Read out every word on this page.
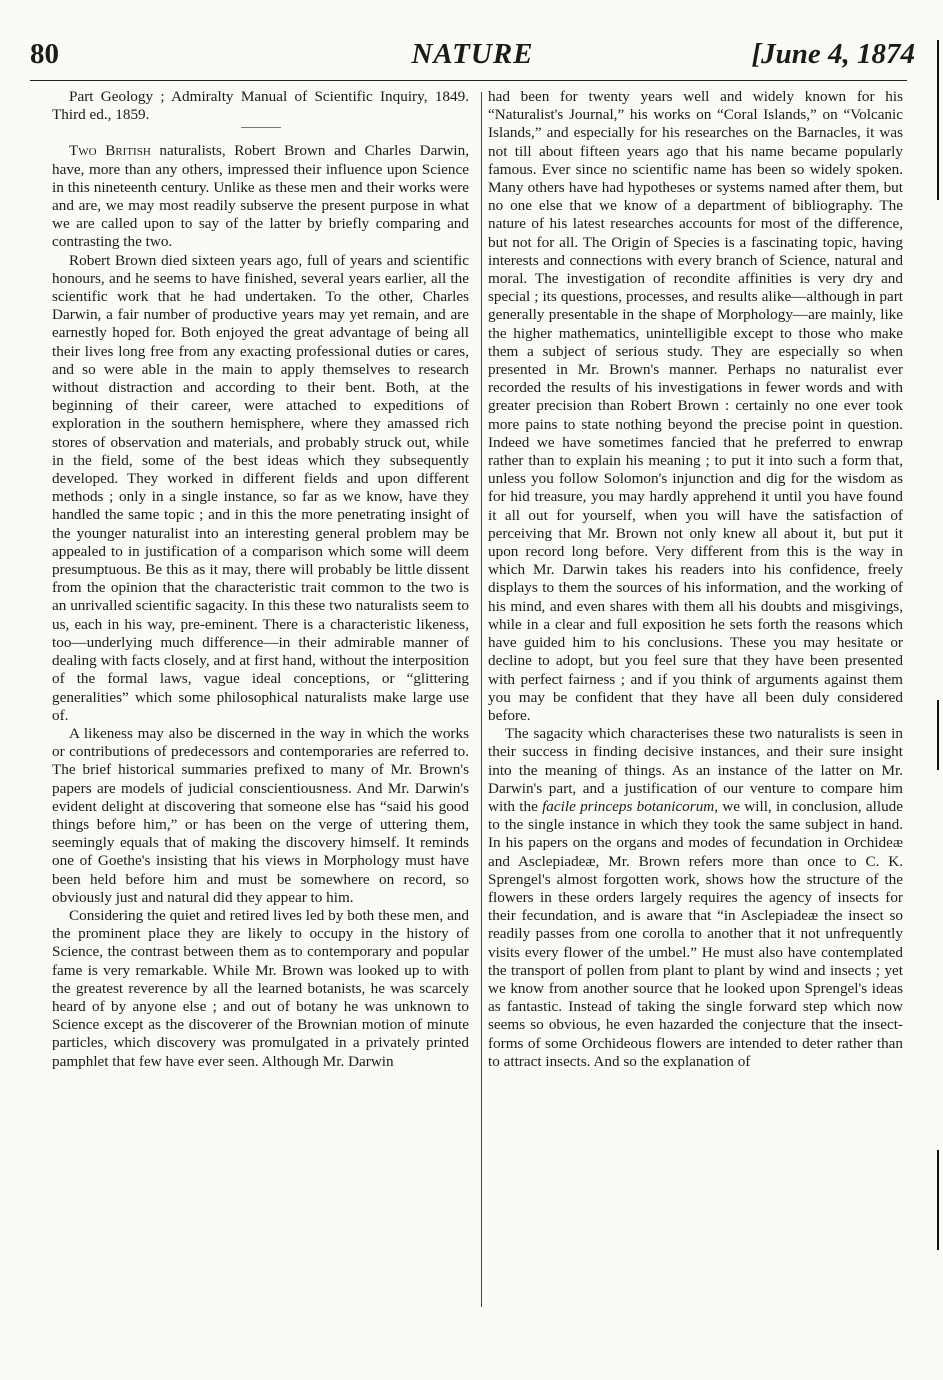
80	NATURE	[June 4, 1874

Part Geology ; Admiralty Manual of Scientific Inquiry, 1849. Third ed., 1859.

Two British naturalists, Robert Brown and Charles Darwin, have, more than any others, impressed their influence upon Science in this nineteenth century. Unlike as these men and their works were and are, we may most readily subserve the present purpose in what we are called upon to say of the latter by briefly comparing and contrasting the two.

Robert Brown died sixteen years ago, full of years and scientific honours, and he seems to have finished, several years earlier, all the scientific work that he had undertaken. To the other, Charles Darwin, a fair number of productive years may yet remain, and are earnestly hoped for. Both enjoyed the great advantage of being all their lives long free from any exacting professional duties or cares, and so were able in the main to apply themselves to research without distraction and according to their bent. Both, at the beginning of their career, were attached to expeditions of exploration in the southern hemisphere, where they amassed rich stores of observation and materials, and probably struck out, while in the field, some of the best ideas which they subsequently developed. They worked in different fields and upon different methods ; only in a single instance, so far as we know, have they handled the same topic ; and in this the more penetrating insight of the younger naturalist into an interesting general problem may be appealed to in justification of a comparison which some will deem presumptuous. Be this as it may, there will probably be little dissent from the opinion that the characteristic trait common to the two is an unrivalled scientific sagacity. In this these two naturalists seem to us, each in his way, pre-eminent. There is a characteristic likeness, too—underlying much difference—in their admirable manner of dealing with facts closely, and at first hand, without the interposition of the formal laws, vague ideal conceptions, or “glittering generalities” which some philosophical naturalists make large use of.

A likeness may also be discerned in the way in which the works or contributions of predecessors and contemporaries are referred to. The brief historical summaries prefixed to many of Mr. Brown's papers are models of judicial conscientiousness. And Mr. Darwin's evident delight at discovering that someone else has “said his good things before him,” or has been on the verge of uttering them, seemingly equals that of making the discovery himself. It reminds one of Goethe's insisting that his views in Morphology must have been held before him and must be somewhere on record, so obviously just and natural did they appear to him.

Considering the quiet and retired lives led by both these men, and the prominent place they are likely to occupy in the history of Science, the contrast between them as to contemporary and popular fame is very remarkable. While Mr. Brown was looked up to with the greatest reverence by all the learned botanists, he was scarcely heard of by anyone else ; and out of botany he was unknown to Science except as the discoverer of the Brownian motion of minute particles, which discovery was promulgated in a privately printed pamphlet that few have ever seen. Although Mr. Darwin

had been for twenty years well and widely known for his “Naturalist's Journal,” his works on “Coral Islands,” on “Volcanic Islands,” and especially for his researches on the Barnacles, it was not till about fifteen years ago that his name became popularly famous. Ever since no scientific name has been so widely spoken. Many others have had hypotheses or systems named after them, but no one else that we know of a department of bibliography. The nature of his latest researches accounts for most of the difference, but not for all. The Origin of Species is a fascinating topic, having interests and connections with every branch of Science, natural and moral. The investigation of recondite affinities is very dry and special ; its questions, processes, and results alike—although in part generally presentable in the shape of Morphology—are mainly, like the higher mathematics, unintelligible except to those who make them a subject of serious study. They are especially so when presented in Mr. Brown's manner. Perhaps no naturalist ever recorded the results of his investigations in fewer words and with greater precision than Robert Brown : certainly no one ever took more pains to state nothing beyond the precise point in question. Indeed we have sometimes fancied that he preferred to enwrap rather than to explain his meaning ; to put it into such a form that, unless you follow Solomon's injunction and dig for the wisdom as for hid treasure, you may hardly apprehend it until you have found it all out for yourself, when you will have the satisfaction of perceiving that Mr. Brown not only knew all about it, but put it upon record long before. Very different from this is the way in which Mr. Darwin takes his readers into his confidence, freely displays to them the sources of his information, and the working of his mind, and even shares with them all his doubts and misgivings, while in a clear and full exposition he sets forth the reasons which have guided him to his conclusions. These you may hesitate or decline to adopt, but you feel sure that they have been presented with perfect fairness ; and if you think of arguments against them you may be confident that they have all been duly considered before.

The sagacity which characterises these two naturalists is seen in their success in finding decisive instances, and their sure insight into the meaning of things. As an instance of the latter on Mr. Darwin's part, and a justification of our venture to compare him with the facile princeps botanicorum, we will, in conclusion, allude to the single instance in which they took the same subject in hand. In his papers on the organs and modes of fecundation in Orchideæ and Asclepiadeæ, Mr. Brown refers more than once to C. K. Sprengel's almost forgotten work, shows how the structure of the flowers in these orders largely requires the agency of insects for their fecundation, and is aware that “in Asclepiadeæ the insect so readily passes from one corolla to another that it not unfrequently visits every flower of the umbel.” He must also have contemplated the transport of pollen from plant to plant by wind and insects ; yet we know from another source that he looked upon Sprengel's ideas as fantastic. Instead of taking the single forward step which now seems so obvious, he even hazarded the conjecture that the insect-forms of some Orchideous flowers are intended to deter rather than to attract insects. And so the explanation of
